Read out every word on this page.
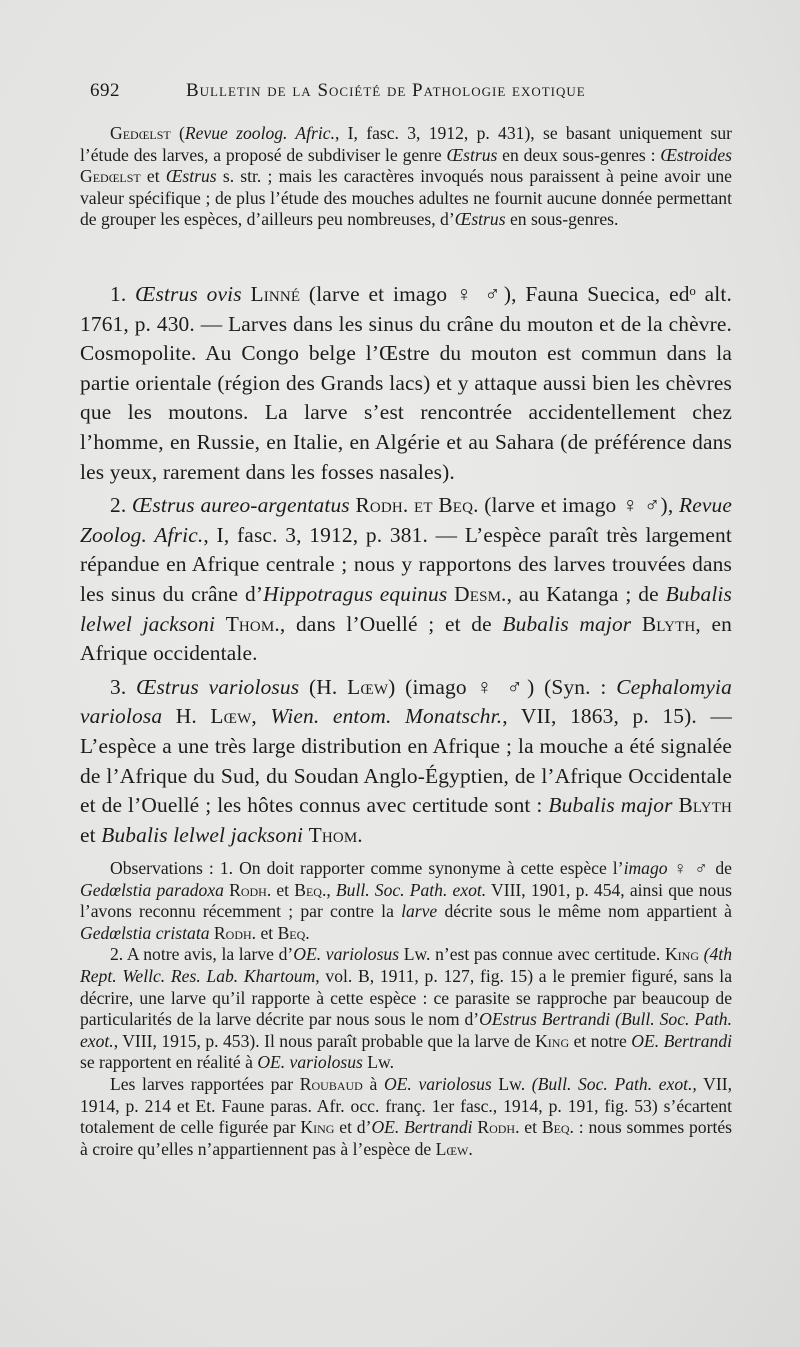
692	Bulletin de la Société de Pathologie exotique

Gedœlst (Revue zoolog. Afric., I, fasc. 3, 1912, p. 431), se basant uniquement sur l’étude des larves, a proposé de subdiviser le genre Œstrus en deux sous-genres : Œstroides Gedœlst et Œstrus s. str. ; mais les caractères invoqués nous paraissent à peine avoir une valeur spécifique ; de plus l’étude des mouches adultes ne fournit aucune donnée permettant de grouper les espèces, d’ailleurs peu nombreuses, d’Œstrus en sous-genres.

1. Œstrus ovis Linné (larve et imago ♀ ♂), Fauna Suecica, edᵒ alt. 1761, p. 430. — Larves dans les sinus du crâne du mouton et de la chèvre. Cosmopolite. Au Congo belge l’Œstre du mouton est commun dans la partie orientale (région des Grands lacs) et y attaque aussi bien les chèvres que les moutons. La larve s’est rencontrée accidentellement chez l’homme, en Russie, en Italie, en Algérie et au Sahara (de préférence dans les yeux, rarement dans les fosses nasales).

2. Œstrus aureo-argentatus Rodh. et Beq. (larve et imago ♀ ♂), Revue Zoolog. Afric., I, fasc. 3, 1912, p. 381. — L’espèce paraît très largement répandue en Afrique centrale ; nous y rapportons des larves trouvées dans les sinus du crâne d’Hippotragus equinus Desm., au Katanga ; de Bubalis lelwel jacksoni Thom., dans l’Ouellé ; et de Bubalis major Blyth, en Afrique occidentale.

3. Œstrus variolosus (H. Lœw) (imago ♀ ♂) (Syn. : Cephalomyia variolosa H. Lœw, Wien. entom. Monatschr., VII, 1863, p. 15). — L’espèce a une très large distribution en Afrique ; la mouche a été signalée de l’Afrique du Sud, du Soudan Anglo-Égyptien, de l’Afrique Occidentale et de l’Ouellé ; les hôtes connus avec certitude sont : Bubalis major Blyth et Bubalis lelwel jacksoni Thom.

Observations : 1. On doit rapporter comme synonyme à cette espèce l’imago ♀ ♂ de Gedœlstia paradoxa Rodh. et Beq., Bull. Soc. Path. exot. VIII, 1901, p. 454, ainsi que nous l’avons reconnu récemment ; par contre la larve décrite sous le même nom appartient à Gedœlstia cristata Rodh. et Beq.

2. A notre avis, la larve d’OE. variolosus Lw. n’est pas connue avec certitude. King (4th Rept. Wellc. Res. Lab. Khartoum, vol. B, 1911, p. 127, fig. 15) a le premier figuré, sans la décrire, une larve qu’il rapporte à cette espèce : ce parasite se rapproche par beaucoup de particularités de la larve décrite par nous sous le nom d’OEstrus Bertrandi (Bull. Soc. Path. exot., VIII, 1915, p. 453). Il nous paraît probable que la larve de King et notre OE. Bertrandi se rapportent en réalité à OE. variolosus Lw.

Les larves rapportées par Roubaud à OE. variolosus Lw. (Bull. Soc. Path. exot., VII, 1914, p. 214 et Et. Faune paras. Afr. occ. franç. 1er fasc., 1914, p. 191, fig. 53) s’écartent totalement de celle figurée par King et d’OE. Bertrandi Rodh. et Beq. : nous sommes portés à croire qu’elles n’appartiennent pas à l’espèce de Lœw.
